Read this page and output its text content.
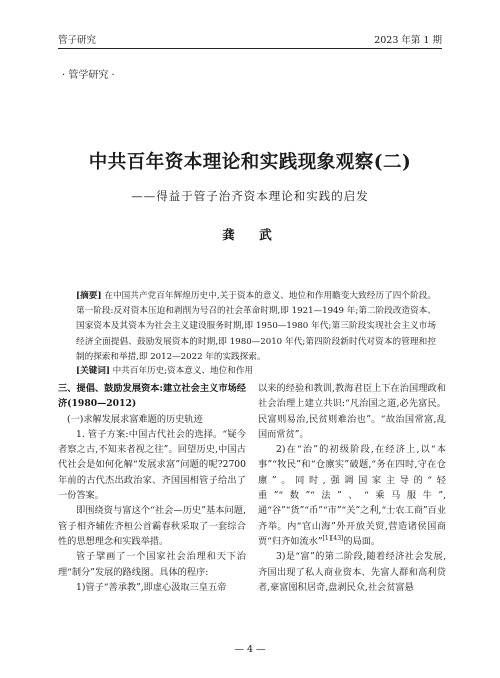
管子研究	2023 年第 1 期
· 管学研究 ·
中共百年资本理论和实践现象观察(二)
——得益于管子治齐资本理论和实践的启发
龚　武
[摘要] 在中国共产党百年辉煌历史中,关于资本的意义、地位和作用瞻变大致经历了四个阶段。第一阶段:反对资本压迫和剥削为号召的社会革命时期,即 1921—1949 年;第二阶段改造资本、国家资本及其资本为社会主义建设服务时期,即 1950—1980 年代;第三阶段实现社会主义市场经济全面提倡、鼓励发展资本的时期,即 1980—2010 年代;第四阶段新时代对资本的管理和控制的探索和举措,即 2012—2022 年的实践探索。
[关键词] 中共百年历史;资本意义、地位和作用

三、提倡、鼓励发展资本:建立社会主义市场经济(1980—2012)

(一)求解发展求富难题的历史轨迹

1. 管子方案:中国古代社会的选择。“疑今者察之古,不知来者视之往”。回望历史,中国古代社会是如何化解“发展求富”问题的呢?2700 年前的古代杰出政治家、齐国国相管子给出了一份答案。

即围绕资与富这个“社会—历史”基本问题,管子相齐辅佐齐桓公首霸春秋采取了一套综合性的思想理念和实践举措。

管子擘画了一个国家社会治理和天下治理“制分”发展的路线图。具体的程序:

1)管子“善承教”,即虚心汲取三皇五帝

以来的经验和教训,教海君臣上下在治国理政和社会治理上建立共识:“凡治国之道,必先富民。民富则易治,民贫则难治也”。“故治国常富,乱国而常贫”。

2)在“治”的初级阶段,在经济上,以“本事”“牧民”和“仓廪实”破题,“务在四时,守在仓廪”。同时,强调国家主导的“轻重”“数”“法”、“乘马服牛”,通“谷”“货”“币”“市”“关”之利,“士农工商”百业齐举。内“官山海”外开放关贸,营造诸侯国商贾“归齐如流水”[1][43]的局面。

3)是“富”的第二阶段,随着经济社会发展,齐国出现了私人商业资本、先富人群和高利贷者,豪富囤积居奇,盘剥民众,社会贫富悬

— 4 —
